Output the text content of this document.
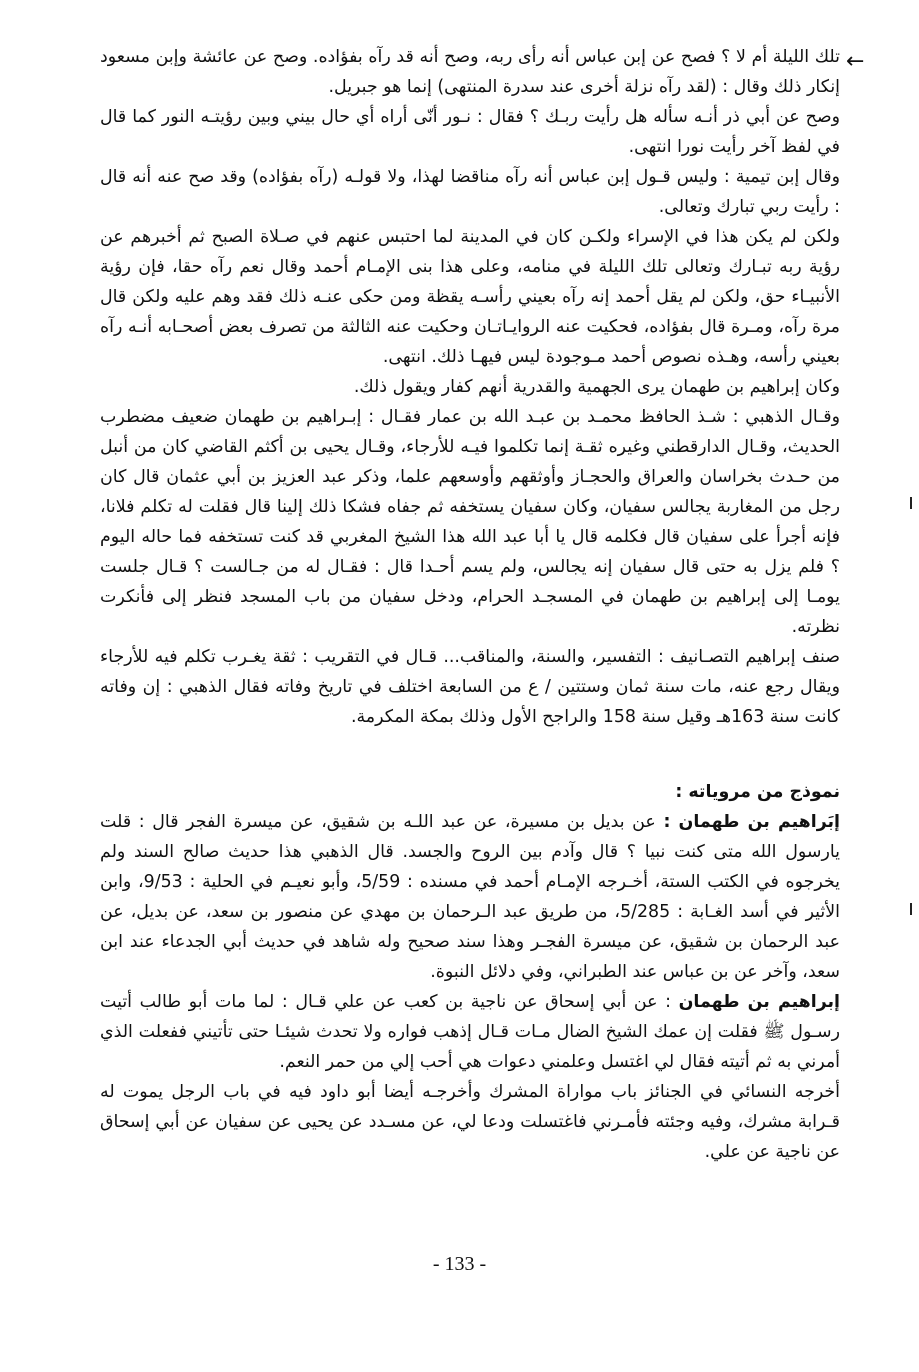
←

تلك الليلة أم لا ؟ فصح عن إبن عباس أنه رأى ربه، وصح أنه قد رآه بفؤاده. وصح عن عائشة وإبن مسعود إنكار ذلك وقال : (لقد رآه نزلة أخرى عند سدرة المنتهى) إنما هو جبريل.

وصح عن أبي ذر أنـه سأله هل رأيت ربـك ؟ فقال : نـور أنّى أراه أي حال بيني وبين رؤيتـه النور كما قال في لفظ آخر رأيت نورا انتهى.

وقال إبن تيمية : وليس قـول إبن عباس أنه رآه مناقضا لهذا، ولا قولـه (رآه بفؤاده) وقد صح عنه أنه قال : رأيت ربي تبارك وتعالى.

ولكن لم يكن هذا في الإسراء ولكـن كان في المدينة لما احتبس عنهم في صـلاة الصبح ثم أخبرهم عن رؤية ربه تبـارك وتعالى تلك الليلة في منامه، وعلى هذا بنى الإمـام أحمد وقال نعم رآه حقا، فإن رؤية الأنبيـاء حق، ولكن لم يقل أحمد إنه رآه بعيني رأسـه يقظة ومن حكى عنـه ذلك فقد وهم عليه ولكن قال مرة رآه، ومـرة قال بفؤاده، فحكيت عنه الروايـاتـان وحكيت عنه الثالثة من تصرف بعض أصحـابه أنـه رآه بعيني رأسه، وهـذه نصوص أحمد مـوجودة ليس فيهـا ذلك. انتهى.

وكان إبراهيم بن طهمان يرى الجهمية والقدرية أنهم كفار ويقول ذلك.

وقـال الذهبي : شـذ الحافظ محمـد بن عبـد الله بن عمار فقـال : إبـراهيم بن طهمان ضعيف مضطرب الحديث، وقـال الدارقطني وغيره ثقـة إنما تكلموا فيـه للأرجاء، وقـال يحيى بن أكثم القاضي كان من أنبل من حـدث بخراسان والعراق والحجـاز وأوثقهم وأوسعهم علما، وذكر عبد العزيز بن أبي عثمان قال كان رجل من المغاربة يجالس سفيان، وكان سفيان يستخفه ثم جفاه فشكا ذلك إلينا قال فقلت له تكلم فلانا، فإنه أجرأ على سفيان قال فكلمه قال يا أبا عبد الله هذا الشيخ المغربي قد كنت تستخفه فما حاله اليوم ؟ فلم يزل به حتى قال سفيان إنه يجالس، ولم يسم أحـدا قال : فقـال له من جـالست ؟ قـال جلست يومـا إلى إبراهيم بن طهمان في المسجـد الحرام، ودخل سفيان من باب المسجد فنظر إلى فأنكرت نظرته.

صنف إبراهيم التصـانيف : التفسير، والسنة، والمناقب... قـال في التقريب : ثقة يغـرب تكلم فيه للأرجاء ويقال رجع عنه، مات سنة ثمان وستتين / ع من السابعة اختلف في تاريخ وفاته فقال الذهبي : إن وفاته كانت سنة 163هـ وقيل سنة 158 والراجح الأول وذلك بمكة المكرمة.

نموذج من مروياته :

إبَراهيم بن طهمان : عن بديل بن مسيرة، عن عبد اللـه بن شقيق، عن ميسرة الفجر قال : قلت يارسول الله متى كنت نبيا ؟ قال وآدم بين الروح والجسد. قال الذهبي هذا حديث صالح السند ولم يخرجوه في الكتب الستة، أخـرجه الإمـام أحمد في مسنده : 5/59، وأبو نعيـم في الحلية : 9/53، وابن الأثير في أسد الغـابة : 5/285، من طريق عبد الـرحمان بن مهدي عن منصور بن سعد، عن بديل، عن عبد الرحمان بن شقيق، عن ميسرة الفجـر وهذا سند صحيح وله شاهد في حديث أبي الجدعاء عند ابن سعد، وآخر عن بن عباس عند الطبراني، وفي دلائل النبوة.

إبراهيم بن طهمان : عن أبي إسحاق عن ناجية بن كعب عن علي قـال : لما مات أبو طالب أتيت رسـول ﷺ فقلت إن عمك الشيخ الضال مـات قـال إذهب فواره ولا تحدث شيئـا حتى تأتيني ففعلت الذي أمرني به ثم أتيته فقال لي اغتسل وعلمني دعوات هي أحب إلي من حمر النعم.

أخرجه النسائي في الجنائز باب مواراة المشرك وأخرجـه أيضا أبو داود فيه في باب الرجل يموت له قـرابة مشرك، وفيه وجئته فأمـرني فاغتسلت ودعا لي، عن مسـدد عن يحيى عن سفيان عن أبي إسحاق عن ناجية عن علي.

- 133 -
